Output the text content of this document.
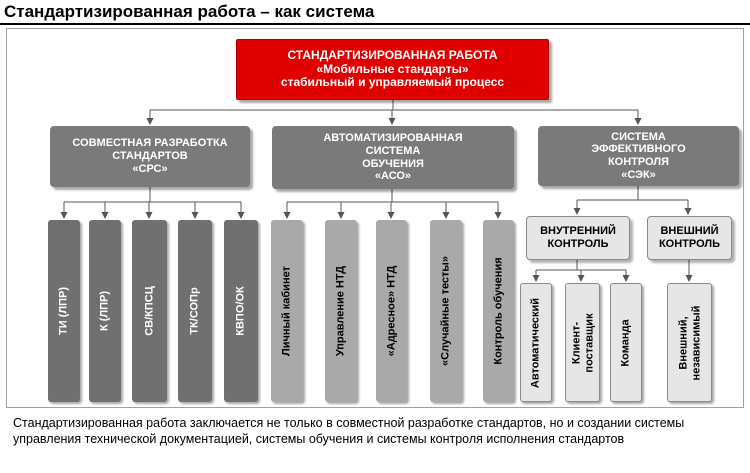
Стандартизированная работа – как система
СТАНДАРТИЗИРОВАННАЯ РАБОТА
«Мобильные стандарты»
стабильный и управляемый процесс
СОВМЕСТНАЯ РАЗРАБОТКА
СТАНДАРТОВ
«СРС»
АВТОМАТИЗИРОВАННАЯ
СИСТЕМА
ОБУЧЕНИЯ
«АСО»
СИСТЕМА
ЭФФЕКТИВНОГО
КОНТРОЛЯ
«СЭК»
ТИ (ЛПР)	К (ЛПР)	СВ/КПСЦ	ТК/СОПр	КВПО/ОК	Личный кабинет	Управление НТД	«Адресное» НТД	«Случайные тесты»	Контроль обучения
ВНУТРЕННИЙ
КОНТРОЛЬ
ВНЕШНИЙ
КОНТРОЛЬ
Автоматический	Клиент- поставщик Команда	Внешний, независимый
Стандартизированная работа заключается не только в совместной разработке стандартов, но и создании системы управления технической документацией, системы обучения и системы контроля исполнения стандартов
